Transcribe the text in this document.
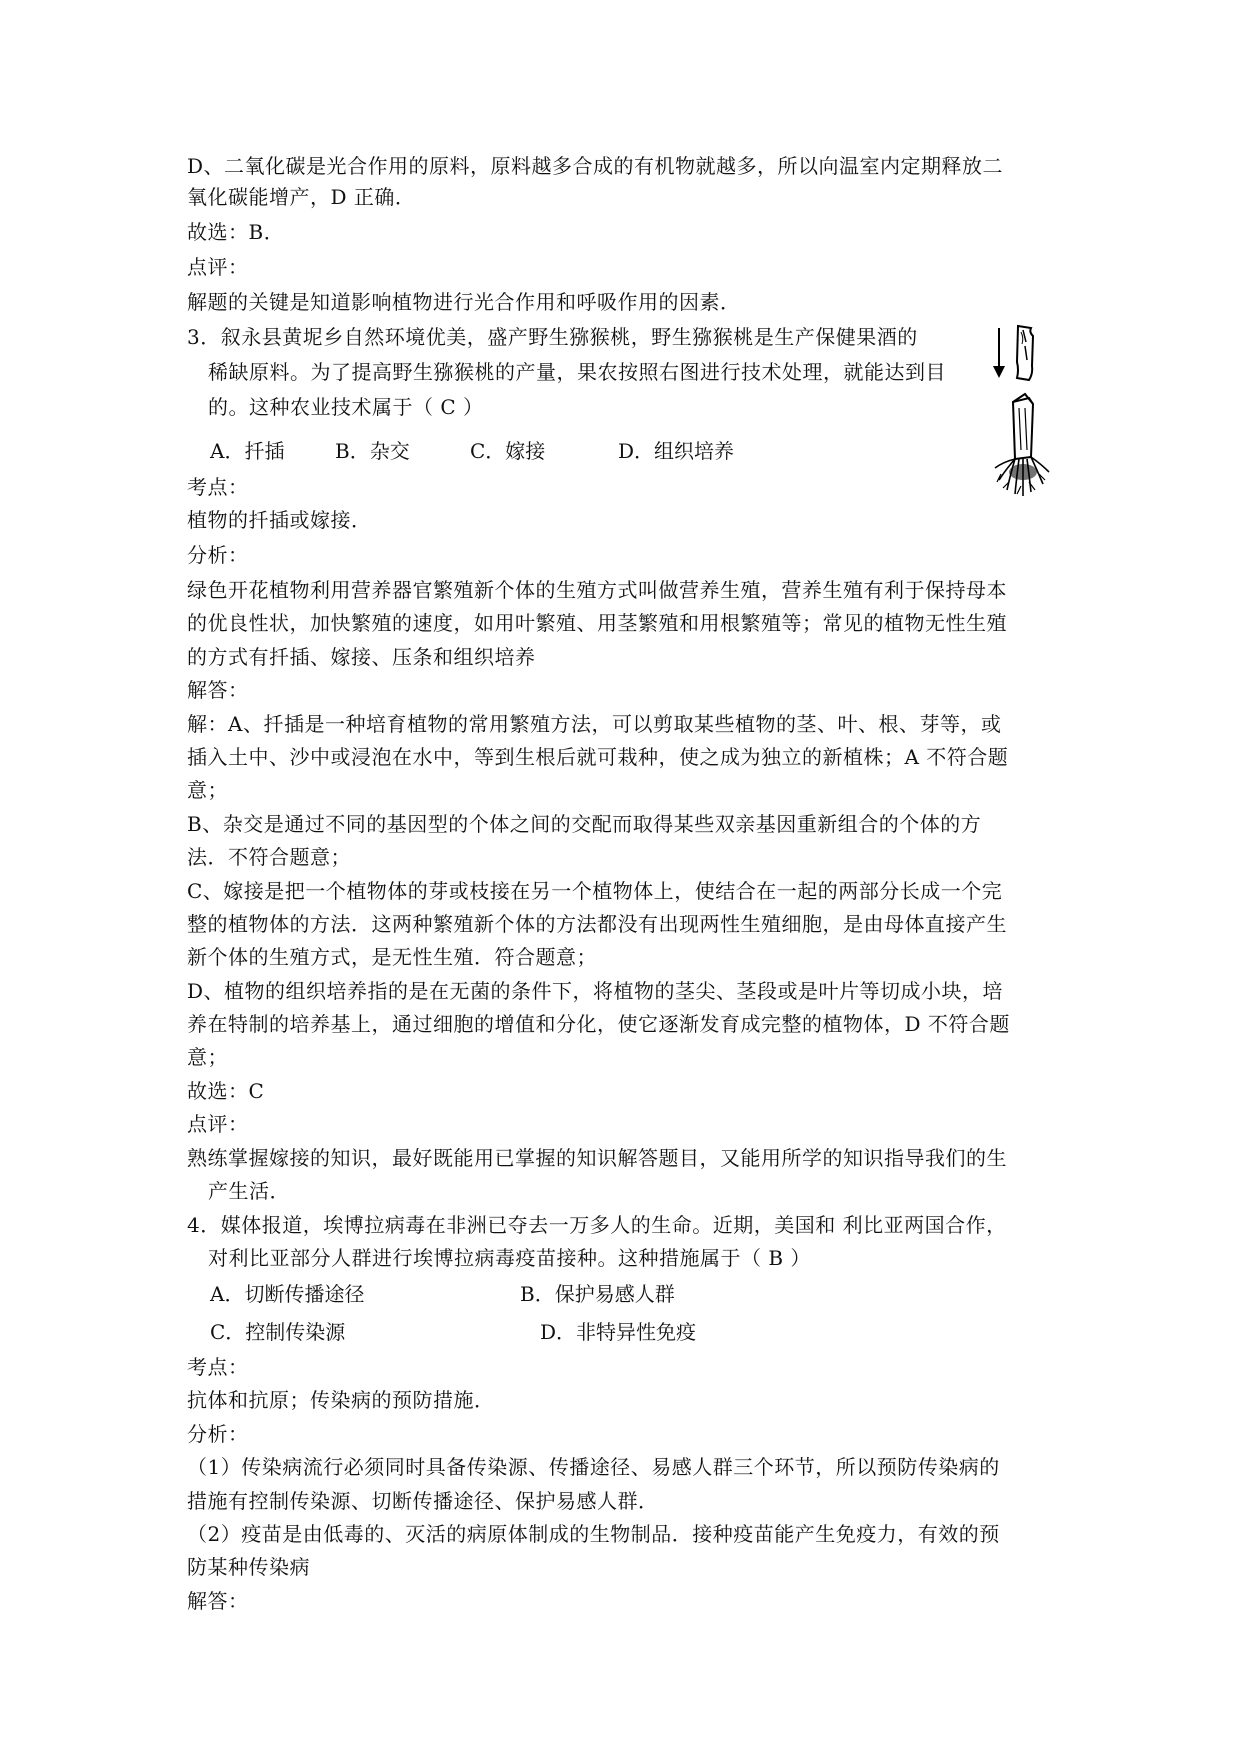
D、二氧化碳是光合作用的原料，原料越多合成的有机物就越多，所以向温室内定期释放二
氧化碳能增产，D 正确．
故选：B．
点评：
解题的关键是知道影响植物进行光合作用和呼吸作用的因素．
3．叙永县黄坭乡自然环境优美，盛产野生猕猴桃，野生猕猴桃是生产保健果酒的
稀缺原料。为了提高野生猕猴桃的产量，果农按照右图进行技术处理，就能达到目
的。这种农业技术属于（ C ）
A．扦插	B．杂交	C．嫁接	D．组织培养
考点：
植物的扦插或嫁接．
分析：
绿色开花植物利用营养器官繁殖新个体的生殖方式叫做营养生殖，营养生殖有利于保持母本
的优良性状，加快繁殖的速度，如用叶繁殖、用茎繁殖和用根繁殖等；常见的植物无性生殖
的方式有扦插、嫁接、压条和组织培养
解答：
解：A、扦插是一种培育植物的常用繁殖方法，可以剪取某些植物的茎、叶、根、芽等，或
插入土中、沙中或浸泡在水中，等到生根后就可栽种，使之成为独立的新植株；A 不符合题
意；
B、杂交是通过不同的基因型的个体之间的交配而取得某些双亲基因重新组合的个体的方
法．不符合题意；
C、嫁接是把一个植物体的芽或枝接在另一个植物体上，使结合在一起的两部分长成一个完
整的植物体的方法．这两种繁殖新个体的方法都没有出现两性生殖细胞，是由母体直接产生
新个体的生殖方式，是无性生殖．符合题意；
D、植物的组织培养指的是在无菌的条件下，将植物的茎尖、茎段或是叶片等切成小块，培
养在特制的培养基上，通过细胞的增值和分化，使它逐渐发育成完整的植物体，D 不符合题
意；
故选：C
点评：
熟练掌握嫁接的知识，最好既能用已掌握的知识解答题目，又能用所学的知识指导我们的生
产生活．
4．媒体报道，埃博拉病毒在非洲已夺去一万多人的生命。近期，美国和 利比亚两国合作，
对利比亚部分人群进行埃博拉病毒疫苗接种。这种措施属于（ B ）
A．切断传播途径	B．保护易感人群
C．控制传染源	D．非特异性免疫
考点：
抗体和抗原；传染病的预防措施．
分析：
（1）传染病流行必须同时具备传染源、传播途径、易感人群三个环节，所以预防传染病的
措施有控制传染源、切断传播途径、保护易感人群．
（2）疫苗是由低毒的、灭活的病原体制成的生物制品．接种疫苗能产生免疫力，有效的预
防某种传染病
解答：
